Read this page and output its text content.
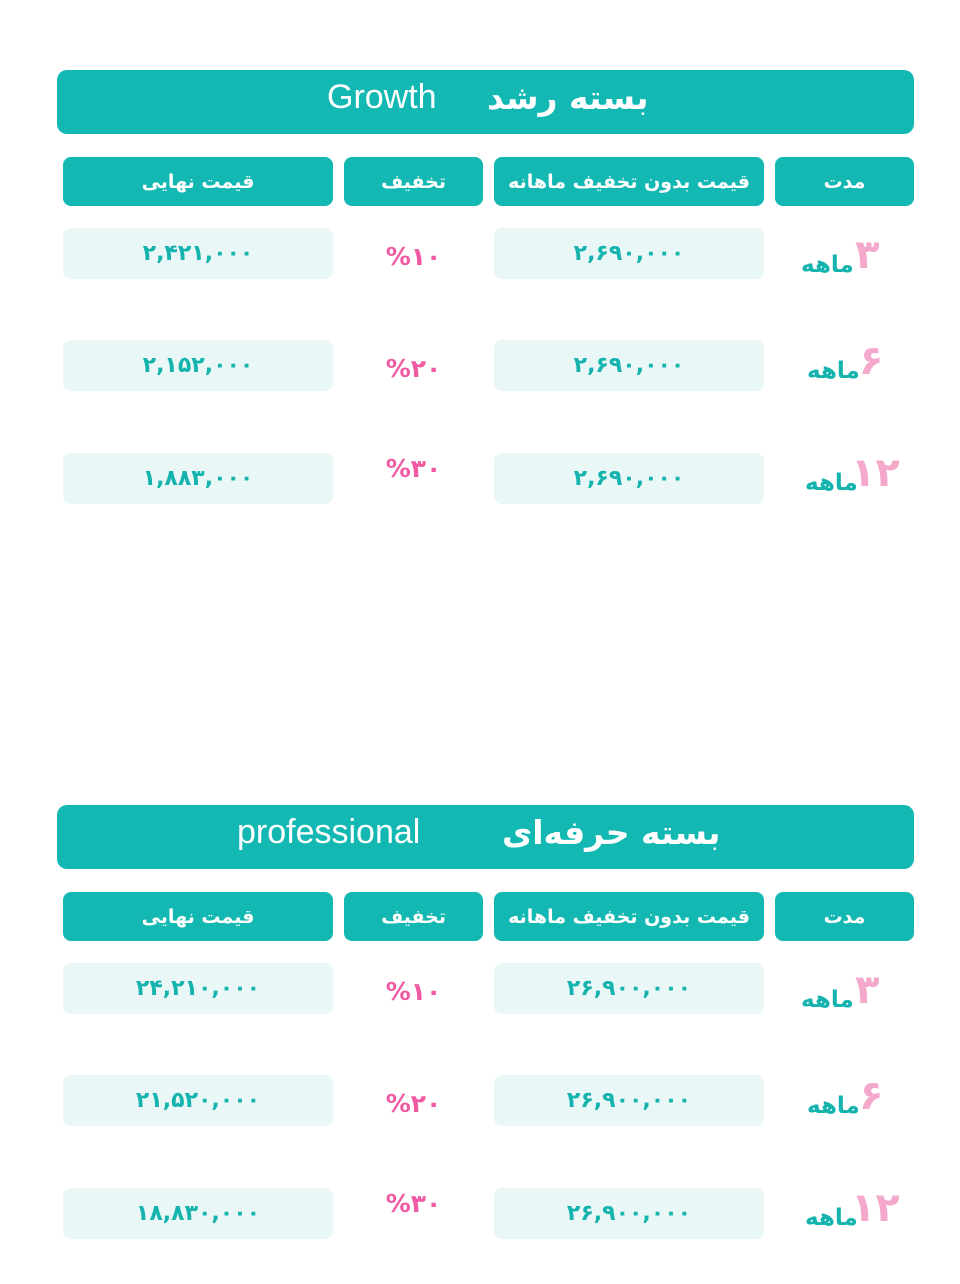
Growth بسته رشد
قیمت نهایی	تخفیف	قیمت بدون تخفیف ماهانه	مدت
۲,۴۲۱,۰۰۰	%۱۰	۲,۶۹۰,۰۰۰	۳
ماهه
۲,۱۵۲,۰۰۰	%۲۰	۲,۶۹۰,۰۰۰	۶
ماهه
۱,۸۸۳,۰۰۰	%۳۰	۲,۶۹۰,۰۰۰	۱۲
ماهه
professional بسته حرفه‌ای
قیمت نهایی	تخفیف	قیمت بدون تخفیف ماهانه	مدت
۲۴,۲۱۰,۰۰۰	%۱۰	۲۶,۹۰۰,۰۰۰	۳
ماهه
۲۱,۵۲۰,۰۰۰	%۲۰	۲۶,۹۰۰,۰۰۰	۶
ماهه
۱۸,۸۳۰,۰۰۰	%۳۰	۲۶,۹۰۰,۰۰۰	۱۲
ماهه
